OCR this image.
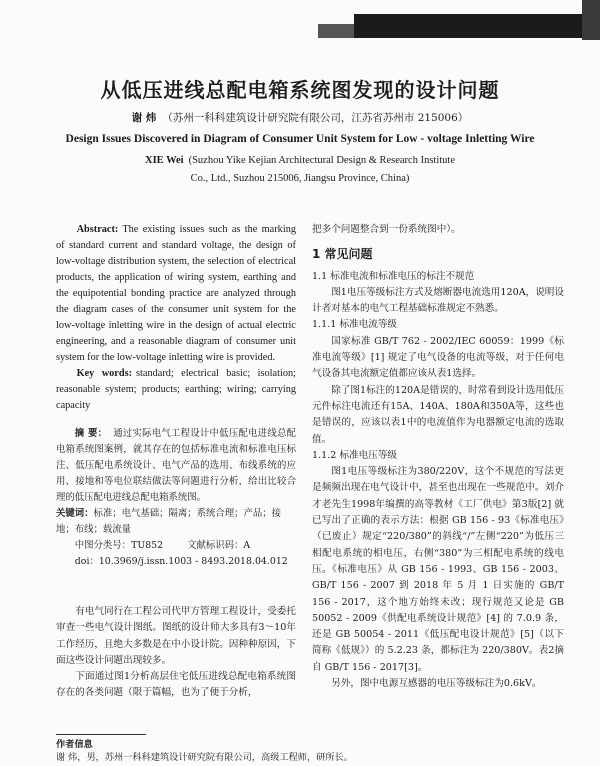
从低压进线总配电箱系统图发现的设计问题
谢 炜 （苏州一科科建筑设计研究院有限公司，江苏省苏州市 215006）
Design Issues Discovered in Diagram of Consumer Unit System for Low - voltage Inletting Wire
XIE Wei (Suzhou Yike Kejian Architectural Design & Research Institute
Co., Ltd., Suzhou 215006, Jiangsu Province, China)

Abstract: The existing issues such as the marking of standard current and standard voltage, the design of low-voltage distribution system, the selection of electrical products, the application of wiring system, earthing and the equipotential bonding practice are analyzed through the diagram cases of the consumer unit system for the low-voltage inletting wire in the design of actual electric engineering, and a reasonable diagram of consumer unit system for the low-voltage inletting wire is provided.

Key words: standard; electrical basic; isolation; reasonable system; products; earthing; wiring; carrying capacity

摘 要： 通过实际电气工程设计中低压配电进线总配电箱系统图案例，就其存在的包括标准电流和标准电压标注、低压配电系统设计、电气产品的选用、布线系统的应用、接地和等电位联结做法等问题进行分析，给出比较合理的低压配电进线总配电箱系统图。

关键词：标准；电气基础；隔离；系统合理；产品；接地；布线；载流量

中图分类号：TU852	文献标识码：A

doi：10.3969/j.issn.1003 - 8493.2018.04.012

有电气同行在工程公司代甲方管理工程设计，受委托审查一些电气设计图纸。图纸的设计师大多具有3～10年工作经历，且绝大多数是在中小设计院。因种种原因，下面这些设计问题出现较多。

下面通过图1分析高层住宅低压进线总配电箱系统图存在的各类问题（限于篇幅，也为了便于分析，

把多个问题整合到一份系统图中）。

1 常见问题

1.1 标准电流和标准电压的标注不规范

图1电压等级标注方式及熔断器电流选用120A，说明设计者对基本的电气工程基础标准规定不熟悉。

1.1.1 标准电流等级

国家标准 GB/T 762 - 2002/IEC 60059：1999《标准电流等级》[1] 规定了电气设备的电流等级，对于任何电气设备其电流额定值都应该从表1选择。

除了图1标注的120A是错误的，时常看到设计选用低压元件标注电流还有15A、140A、180A和350A等，这些也是错误的，应该以表1中的电流值作为电器额定电流的选取值。

1.1.2 标准电压等级

图1电压等级标注为380/220V，这个不规范的写法更是频频出现在电气设计中，甚至也出现在一些规范中。刘介才老先生1998年编撰的高等教材《工厂供电》第3版[2] 就已写出了正确的表示方法：根据 GB 156 - 93《标准电压》（已废止）规定“220/380”的斜线“/”左侧“220”为低压三相配电系统的相电压，右侧“380”为三相配电系统的线电压。《标准电压》从 GB 156 - 1993、GB 156 - 2003、GB/T 156 - 2007 到 2018 年 5 月 1 日实施的 GB/T 156 - 2017，这个地方始终未改；现行规范又论是 GB 50052 - 2009《供配电系统设计规范》[4] 的 7.0.9 条，还是 GB 50054 - 2011《低压配电设计规范》[5]（以下简称《低规》）的 5.2.23 条，都标注为 220/380V。表2摘自 GB/T 156 - 2017[3]。

另外，图中电源互感器的电压等级标注为0.6kV。

作者信息
谢 炜，男，苏州一科科建筑设计研究院有限公司，高级工程师，研所长。
